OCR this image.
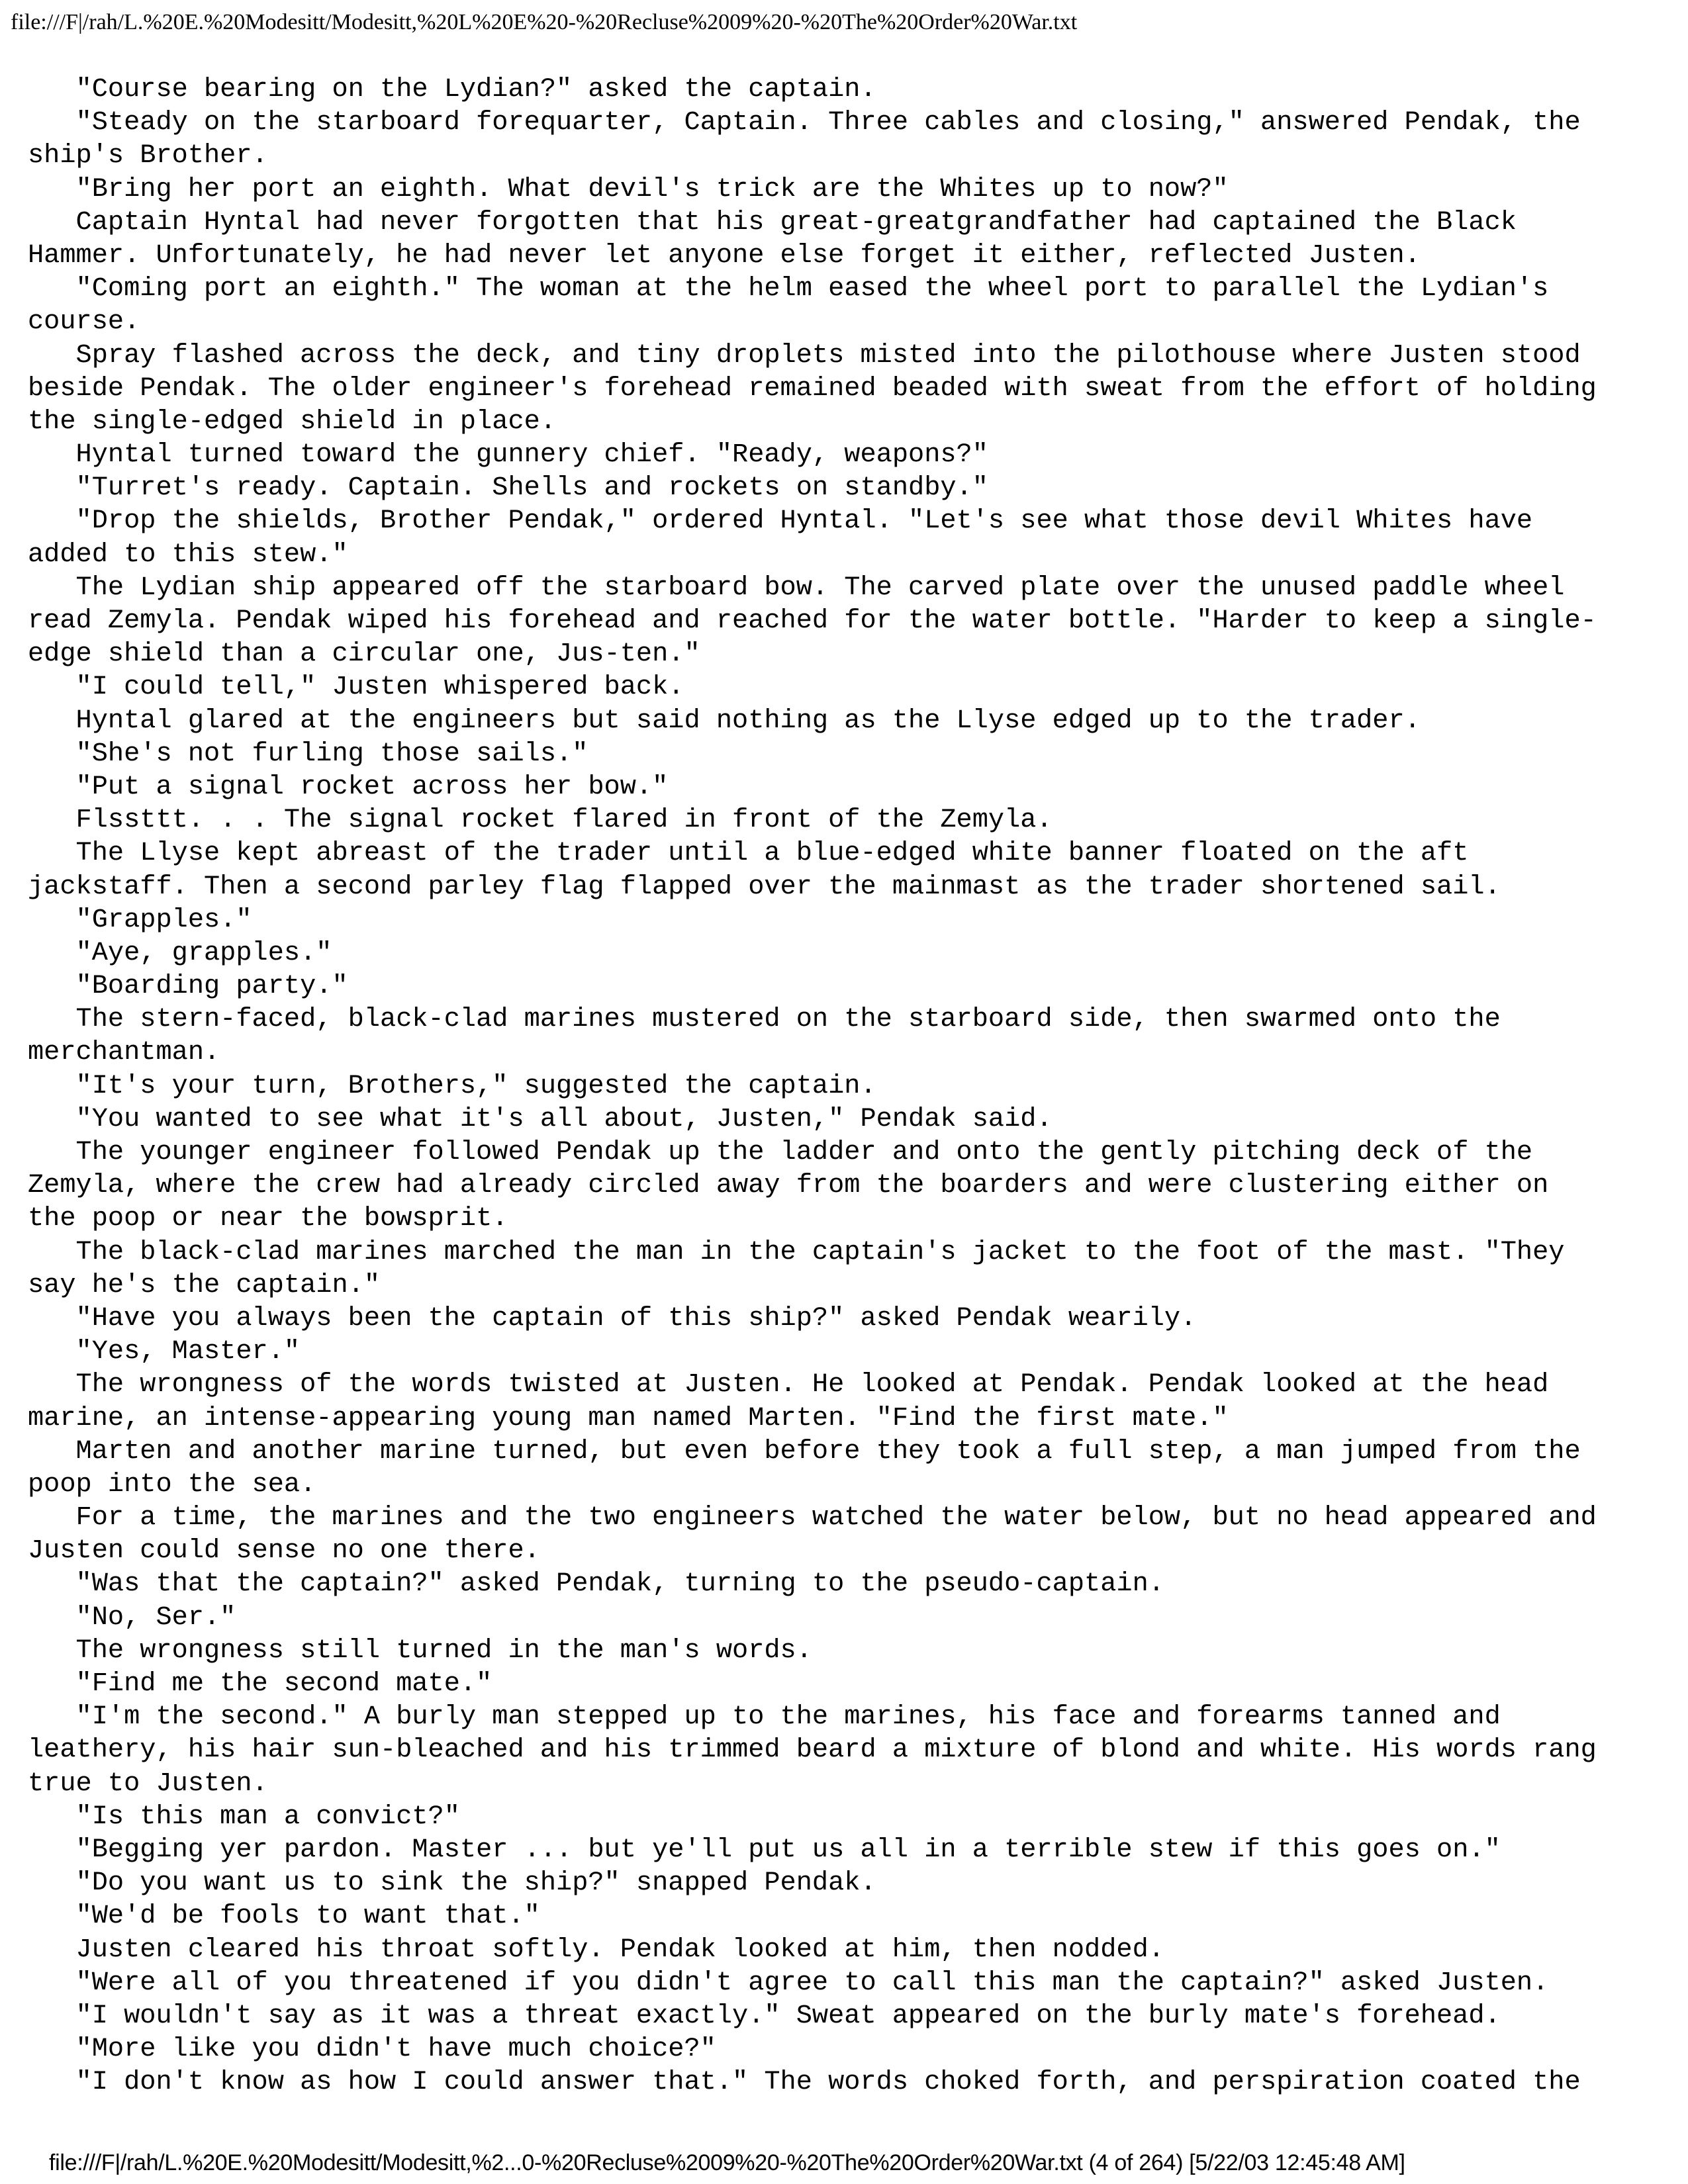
file:///F|/rah/L.%20E.%20Modesitt/Modesitt,%20L%20E%20-%20Recluse%2009%20-%20The%20Order%20War.txt
"Course bearing on the Lydian?" asked the captain.
"Steady on the starboard forequarter, Captain. Three cables and closing," answered Pendak, the
ship's Brother.
"Bring her port an eighth. What devil's trick are the Whites up to now?"
Captain Hyntal had never forgotten that his great-greatgrandfather had captained the Black
Hammer. Unfortunately, he had never let anyone else forget it either, reflected Justen.
"Coming port an eighth." The woman at the helm eased the wheel port to parallel the Lydian's
course.
Spray flashed across the deck, and tiny droplets misted into the pilothouse where Justen stood
beside Pendak. The older engineer's forehead remained beaded with sweat from the effort of holding
the single-edged shield in place.
Hyntal turned toward the gunnery chief. "Ready, weapons?"
"Turret's ready. Captain. Shells and rockets on standby."
"Drop the shields, Brother Pendak," ordered Hyntal. "Let's see what those devil Whites have
added to this stew."
The Lydian ship appeared off the starboard bow. The carved plate over the unused paddle wheel
read Zemyla. Pendak wiped his forehead and reached for the water bottle. "Harder to keep a single-
edge shield than a circular one, Jus-ten."
"I could tell," Justen whispered back.
Hyntal glared at the engineers but said nothing as the Llyse edged up to the trader.
"She's not furling those sails."
"Put a signal rocket across her bow."
Flssttt. . . The signal rocket flared in front of the Zemyla.
The Llyse kept abreast of the trader until a blue-edged white banner floated on the aft
jackstaff. Then a second parley flag flapped over the mainmast as the trader shortened sail.
"Grapples."
"Aye, grapples."
"Boarding party."
The stern-faced, black-clad marines mustered on the starboard side, then swarmed onto the
merchantman.
"It's your turn, Brothers," suggested the captain.
"You wanted to see what it's all about, Justen," Pendak said.
The younger engineer followed Pendak up the ladder and onto the gently pitching deck of the
Zemyla, where the crew had already circled away from the boarders and were clustering either on
the poop or near the bowsprit.
The black-clad marines marched the man in the captain's jacket to the foot of the mast. "They
say he's the captain."
"Have you always been the captain of this ship?" asked Pendak wearily.
"Yes, Master."
The wrongness of the words twisted at Justen. He looked at Pendak. Pendak looked at the head
marine, an intense-appearing young man named Marten. "Find the first mate."
Marten and another marine turned, but even before they took a full step, a man jumped from the
poop into the sea.
For a time, the marines and the two engineers watched the water below, but no head appeared and
Justen could sense no one there.
"Was that the captain?" asked Pendak, turning to the pseudo-captain.
"No, Ser."
The wrongness still turned in the man's words.
"Find me the second mate."
"I'm the second." A burly man stepped up to the marines, his face and forearms tanned and
leathery, his hair sun-bleached and his trimmed beard a mixture of blond and white. His words rang
true to Justen.
"Is this man a convict?"
"Begging yer pardon. Master ... but ye'll put us all in a terrible stew if this goes on."
"Do you want us to sink the ship?" snapped Pendak.
"We'd be fools to want that."
Justen cleared his throat softly. Pendak looked at him, then nodded.
"Were all of you threatened if you didn't agree to call this man the captain?" asked Justen.
"I wouldn't say as it was a threat exactly." Sweat appeared on the burly mate's forehead.
"More like you didn't have much choice?"
"I don't know as how I could answer that." The words choked forth, and perspiration coated the
file:///F|/rah/L.%20E.%20Modesitt/Modesitt,%2...0-%20Recluse%2009%20-%20The%20Order%20War.txt (4 of 264) [5/22/03 12:45:48 AM]
